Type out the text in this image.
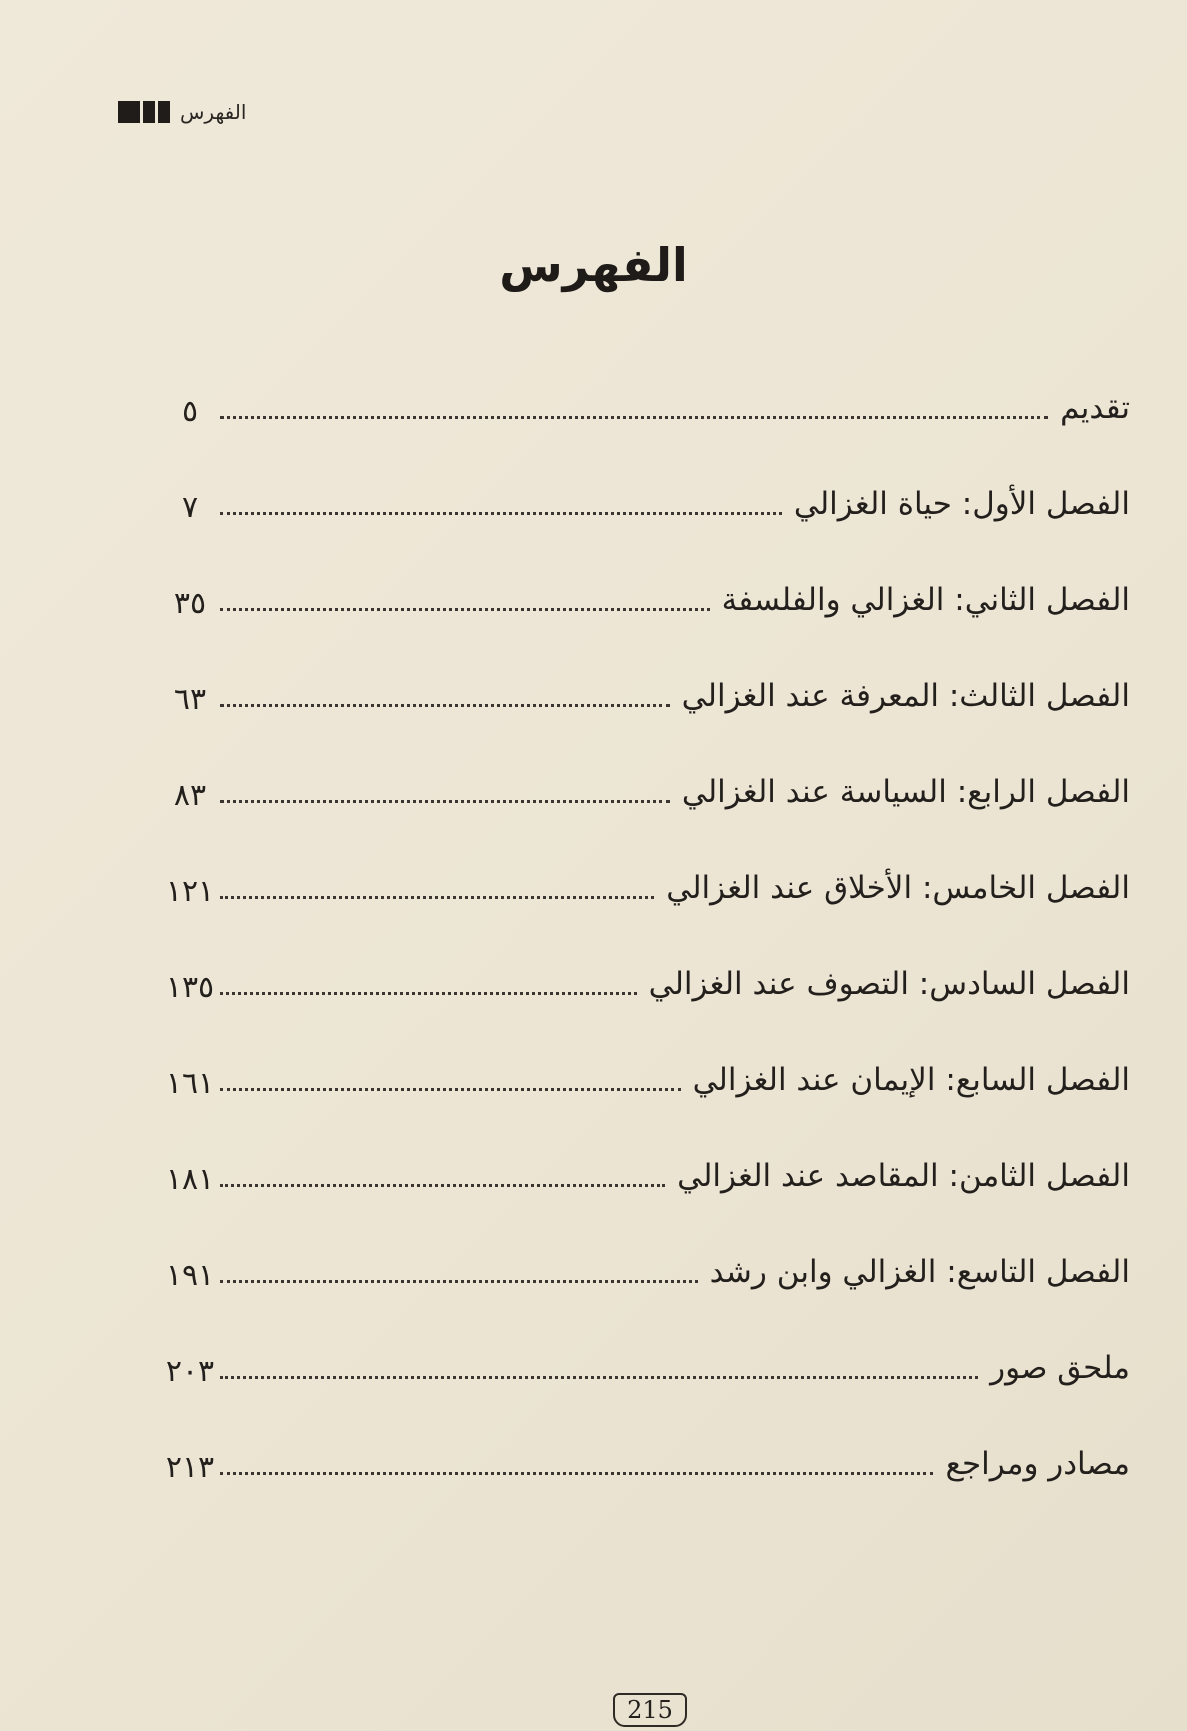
الفهرس
الفهرس
تقديم
٥
الفصل الأول: حياة الغزالي
٧
الفصل الثاني: الغزالي والفلسفة
٣٥
الفصل الثالث: المعرفة عند الغزالي
٦٣
الفصل الرابع: السياسة عند الغزالي
٨٣
الفصل الخامس: الأخلاق عند الغزالي
١٢١
الفصل السادس: التصوف عند الغزالي
١٣٥
الفصل السابع: الإيمان عند الغزالي
١٦١
الفصل الثامن: المقاصد عند الغزالي
١٨١
الفصل التاسع: الغزالي وابن رشد
١٩١
ملحق صور
٢٠٣
مصادر ومراجع
٢١٣
215
